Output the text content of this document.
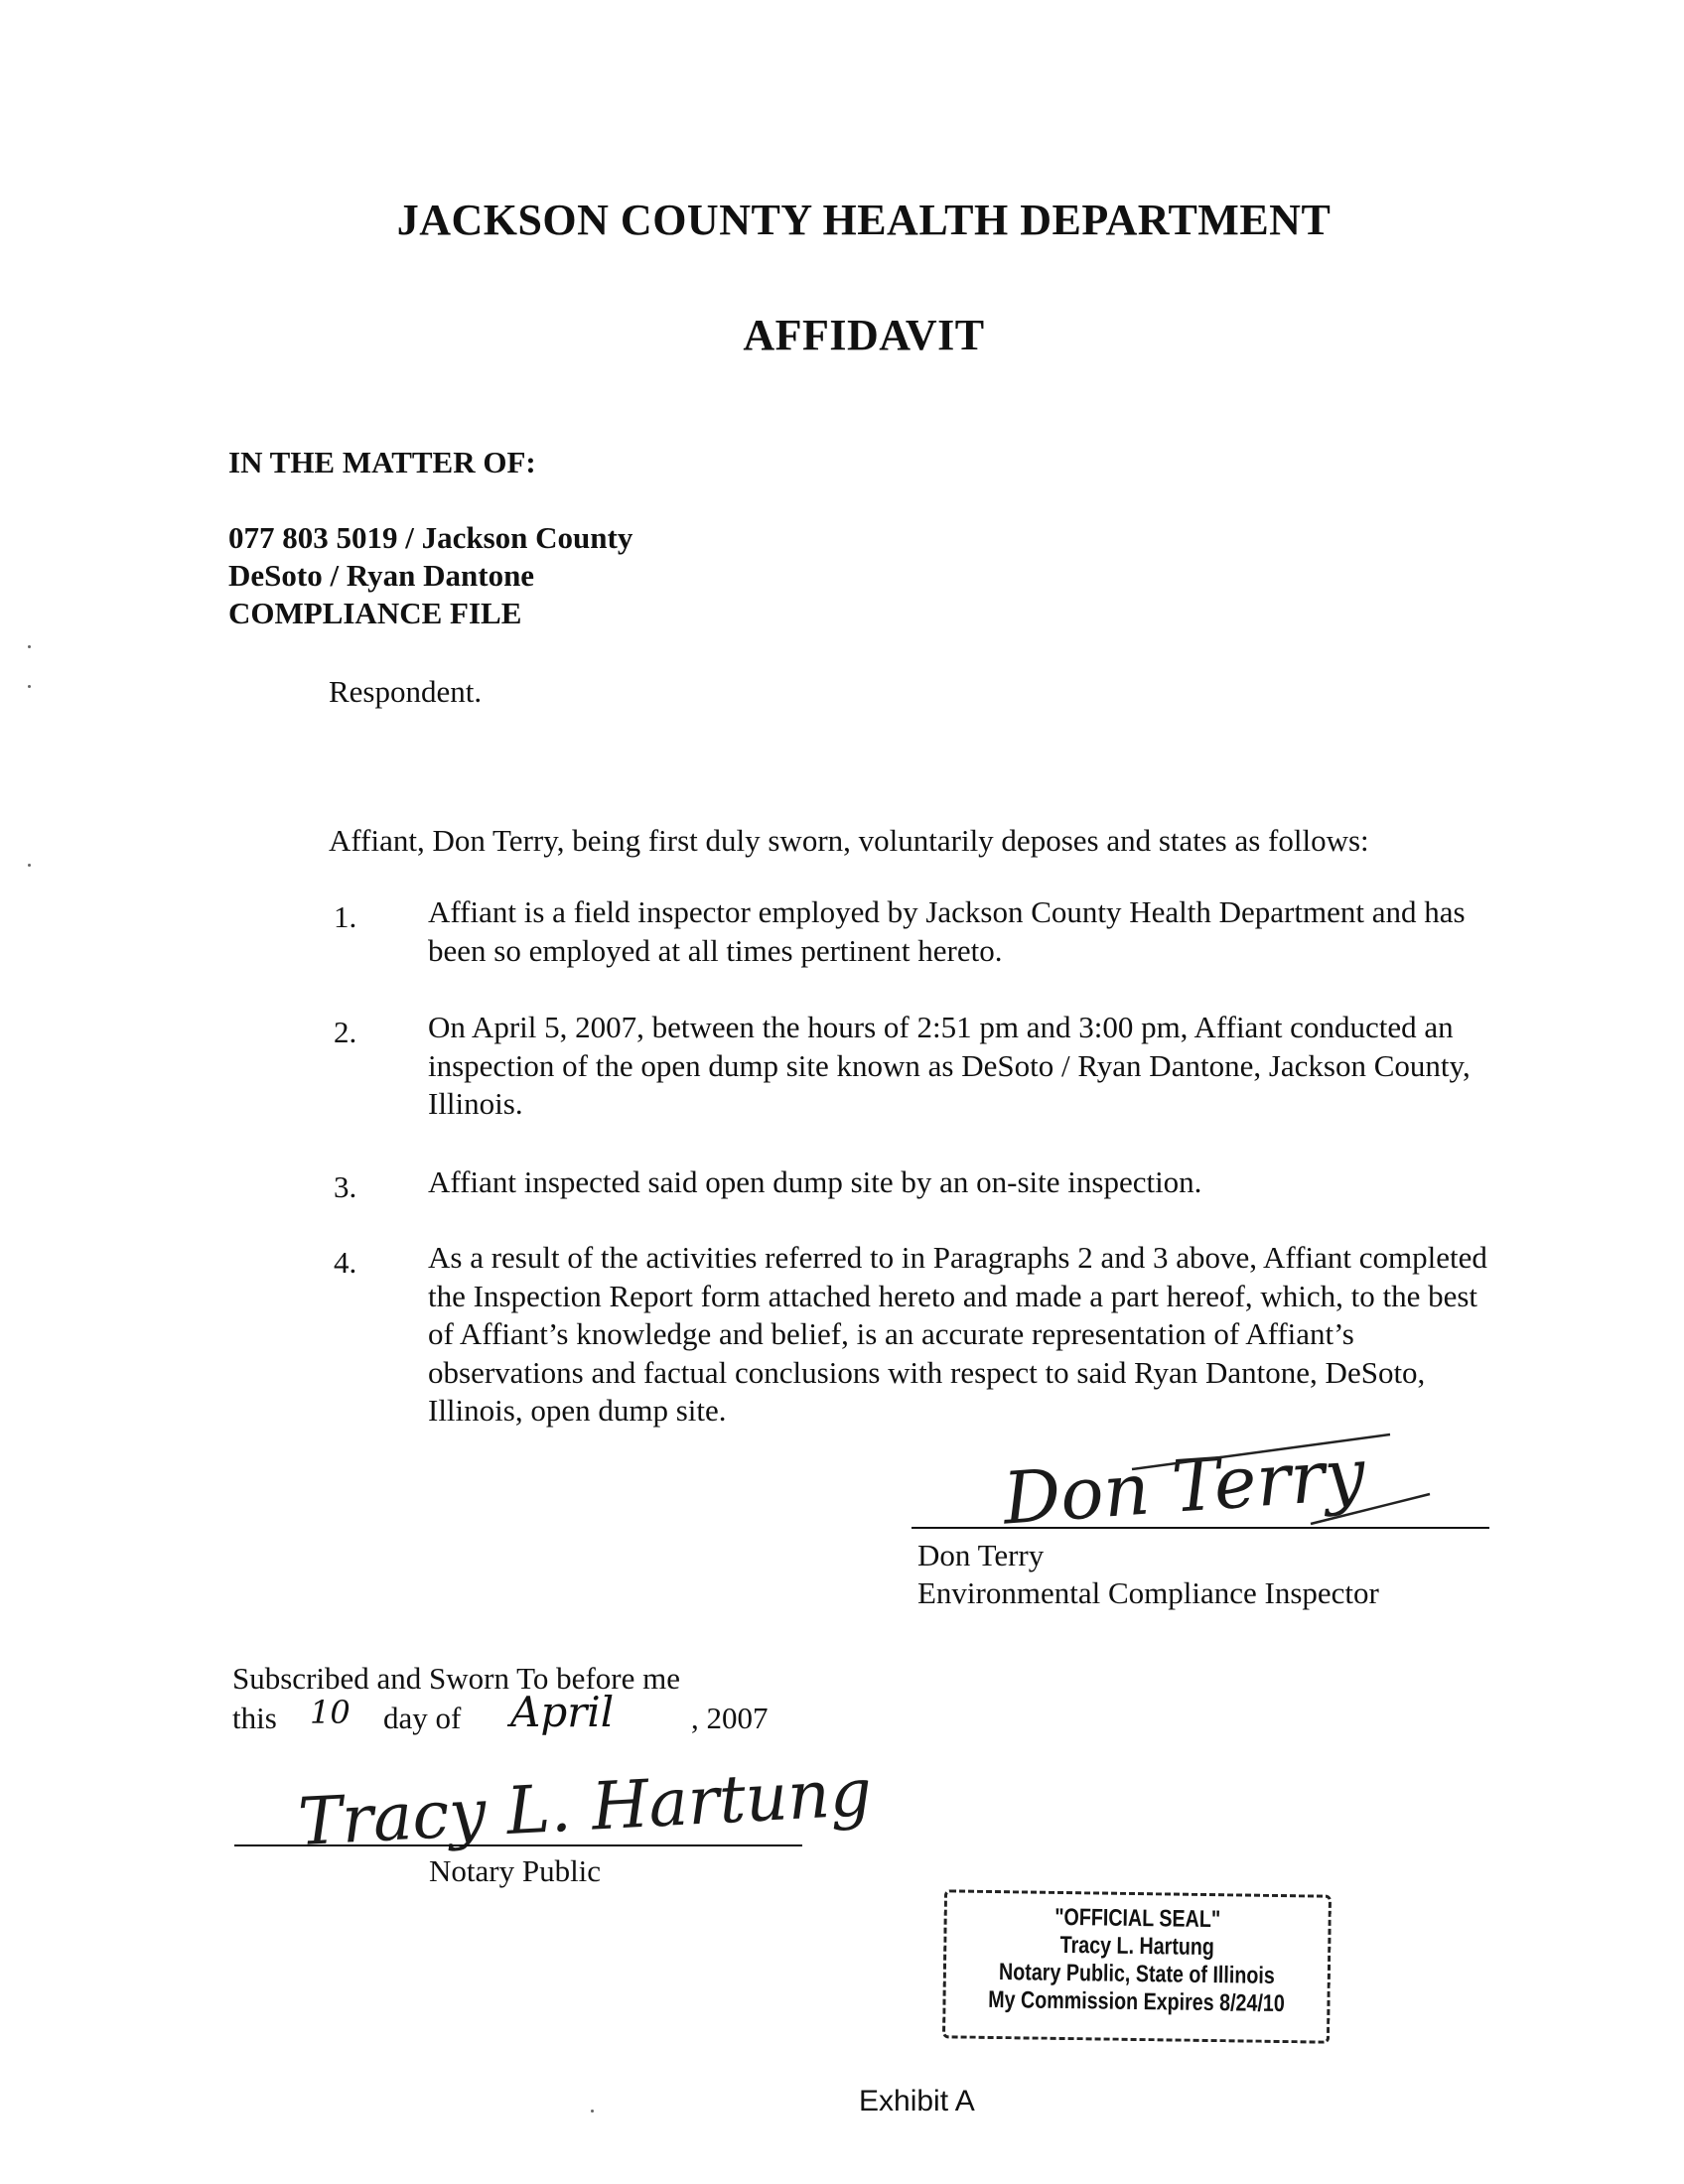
JACKSON COUNTY HEALTH DEPARTMENT
AFFIDAVIT
IN THE MATTER OF:
077 803 5019 / Jackson County
DeSoto / Ryan Dantone
COMPLIANCE FILE
Respondent.
Affiant, Don Terry, being first duly sworn, voluntarily deposes and states as follows:
1. Affiant is a field inspector employed by Jackson County Health Department and has been so employed at all times pertinent hereto.
2. On April 5, 2007, between the hours of 2:51 pm and 3:00 pm, Affiant conducted an inspection of the open dump site known as DeSoto / Ryan Dantone, Jackson County, Illinois.
3. Affiant inspected said open dump site by an on-site inspection.
4. As a result of the activities referred to in Paragraphs 2 and 3 above, Affiant completed the Inspection Report form attached hereto and made a part hereof, which, to the best of Affiant’s knowledge and belief, is an accurate representation of Affiant’s observations and factual conclusions with respect to said Ryan Dantone, DeSoto, Illinois, open dump site.
Don Terry
Don Terry
Environmental Compliance Inspector
Subscribed and Sworn To before me
this 10 day of April	, 2007
Tracy L. Hartung
Notary Public
"OFFICIAL SEAL"
Tracy L. Hartung
Notary Public, State of Illinois
My Commission Expires 8/24/10
Exhibit A
